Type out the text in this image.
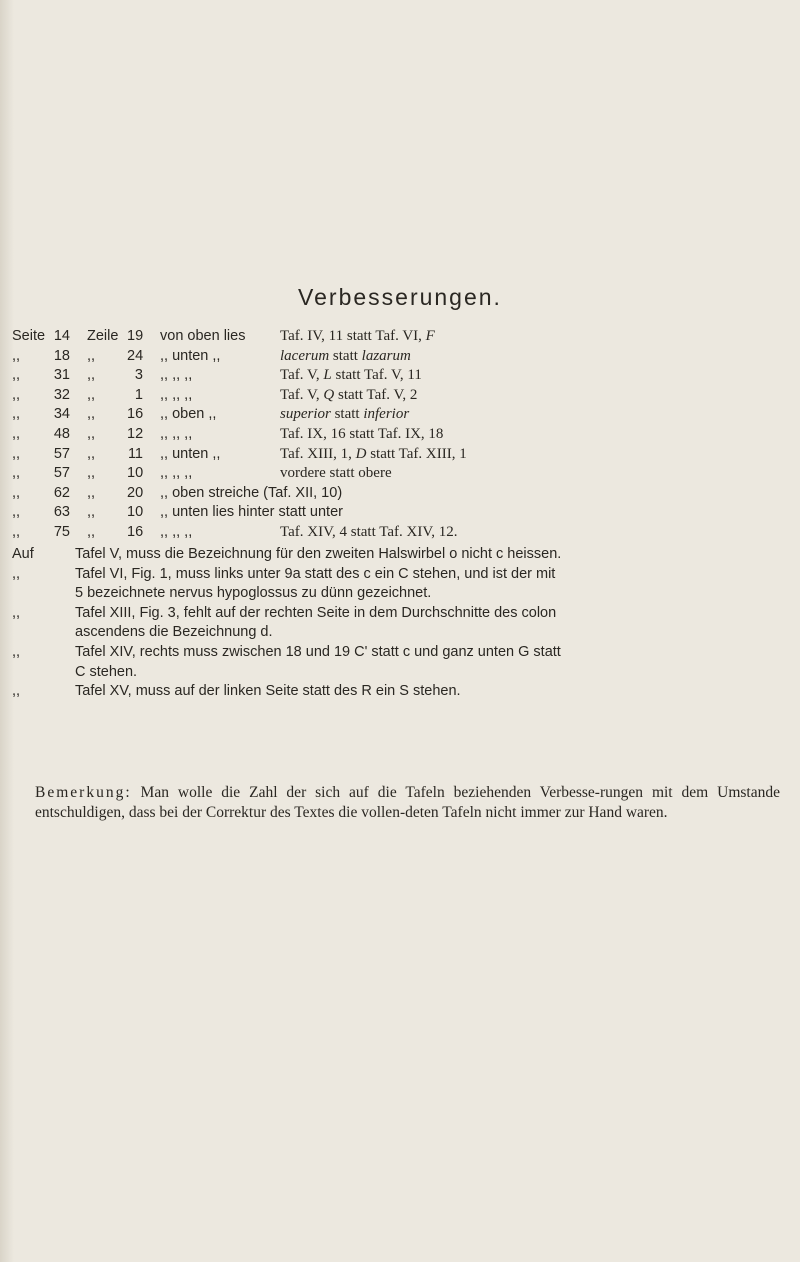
Verbesserungen.
Seite 14 Zeile 19 von oben lies Taf. IV, 11 statt Taf. VI, F
,, 18 ,, 24 ,, unten ,,	lacerum statt lazarum
,, 31 ,,	3 ,, ,, ,,	Taf. V, L statt Taf. V, 11
,, 32 ,,	1 ,, ,, ,,	Taf. V, Q statt Taf. V, 2
,, 34 ,, 16 ,, oben ,,	superior statt inferior
,, 48 ,, 12 ,, ,, ,,	Taf. IX, 16 statt Taf. IX, 18
,, 57 ,, 11 ,, unten ,,	Taf. XIII, 1, D statt Taf. XIII, 1
,, 57 ,, 10 ,, ,, ,,	vordere statt obere
,, 62 ,, 20 ,, oben streiche (Taf. XII, 10)
,, 63 ,, 10 ,, unten lies hinter statt unter
,, 75 ,, 16 ,, ,, ,,	Taf. XIV, 4 statt Taf. XIV, 12.
Auf	Tafel V, muss die Bezeichnung für den zweiten Halswirbel o nicht c heissen.

,,	Tafel VI, Fig. 1, muss links unter 9a statt des c ein C stehen, und ist der mit

5 bezeichnete nervus hypoglossus zu dünn gezeichnet.

,,	Tafel XIII, Fig. 3, fehlt auf der rechten Seite in dem Durchschnitte des colon

ascendens die Bezeichnung d.

,,	Tafel XIV, rechts muss zwischen 18 und 19 C' statt c und ganz unten G statt

C stehen.

,,	Tafel XV, muss auf der linken Seite statt des R ein S stehen.

Bemerkung: Man wolle die Zahl der sich auf die Tafeln beziehenden Verbesse-rungen mit dem Umstande entschuldigen, dass bei der Correktur des Textes die vollen-deten Tafeln nicht immer zur Hand waren.
